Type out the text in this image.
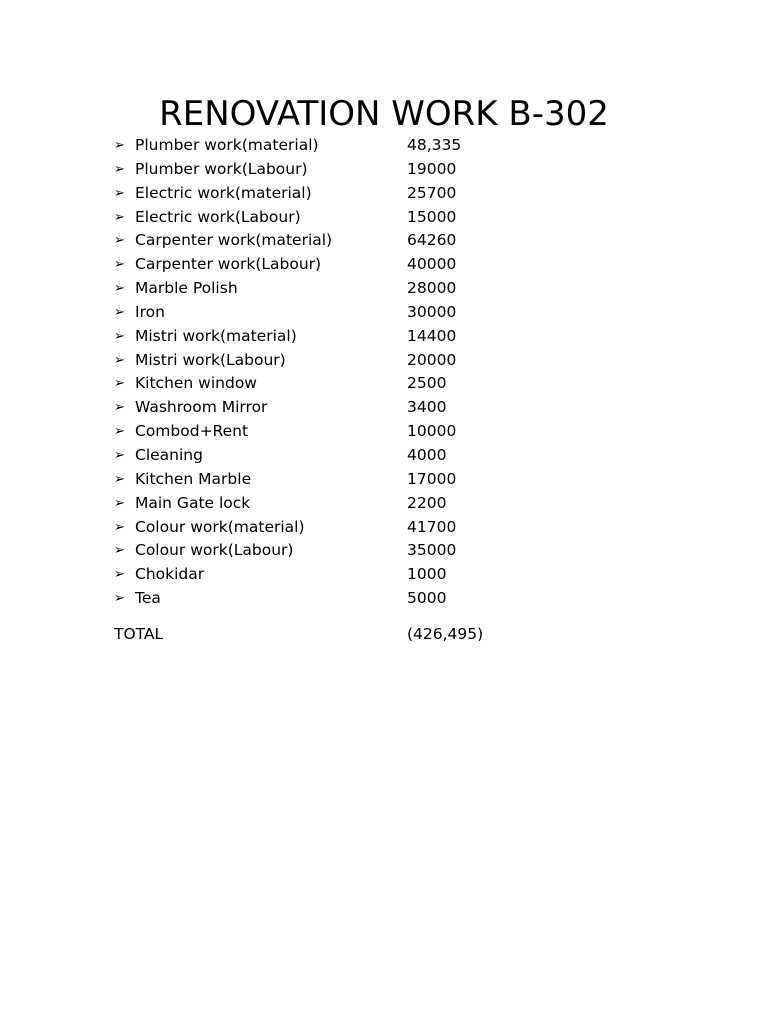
RENOVATION WORK B-302
➢ Plumber work(material)	48,335
➢ Plumber work(Labour)	19000
➢ Electric work(material)	25700
➢ Electric work(Labour)	15000
➢ Carpenter work(material)	64260
➢ Carpenter work(Labour)	40000
➢ Marble Polish	28000
➢ Iron	30000
➢ Mistri work(material)	14400
➢ Mistri work(Labour)	20000
➢ Kitchen window	2500
➢ Washroom Mirror	3400
➢ Combod+Rent	10000
➢ Cleaning	4000
➢ Kitchen Marble	17000
➢ Main Gate lock	2200
➢ Colour work(material)	41700
➢ Colour work(Labour)	35000
➢ Chokidar	1000
➢ Tea	5000
TOTAL	(426,495)
